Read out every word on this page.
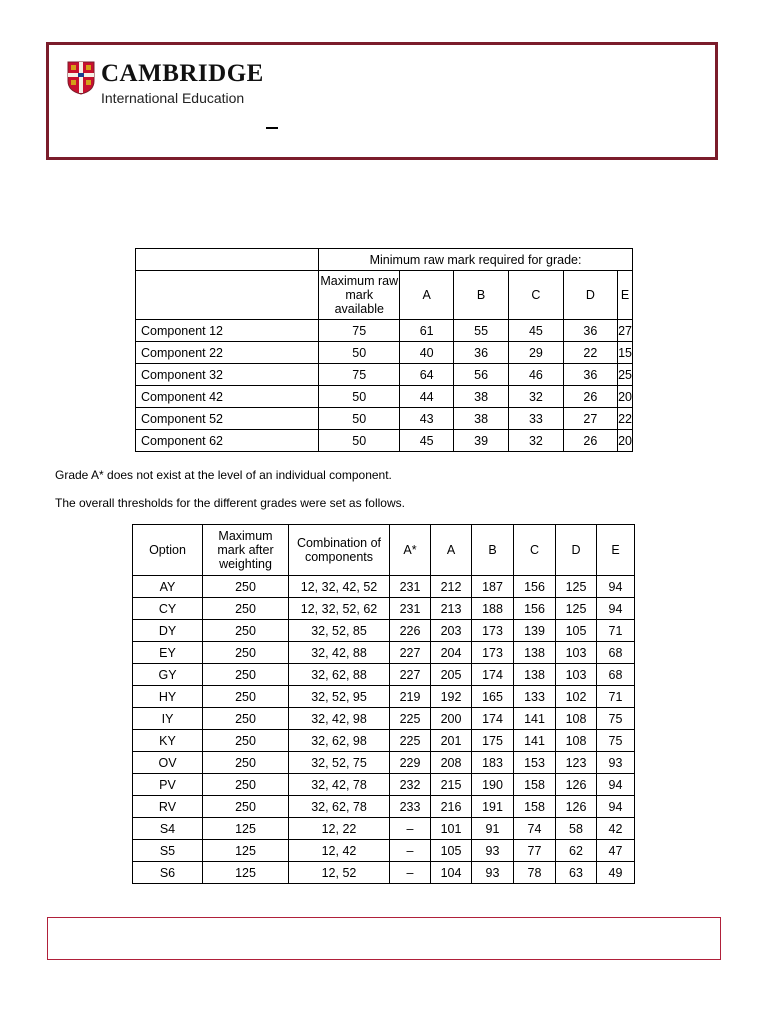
CAMBRIDGE
International Education
	Minimum raw mark required for grade:					
	Maximum raw mark available	A	B	C	D	E
Component 12	75	61	55	45	36	27
Component 22	50	40	36	29	22	15
Component 32	75	64	56	46	36	25
Component 42	50	44	38	32	26	20
Component 52	50	43	38	33	27	22
Component 62	50	45	39	32	26	20
Grade A* does not exist at the level of an individual component.
The overall thresholds for the different grades were set as follows.
Option	Maximum mark after weighting	Combination of components	A*	A	B	C	D	E
AY	250	12, 32, 42, 52	231	212	187	156	125	94
CY	250	12, 32, 52, 62	231	213	188	156	125	94
DY	250	32, 52, 85	226	203	173	139	105	71
EY	250	32, 42, 88	227	204	173	138	103	68
GY	250	32, 62, 88	227	205	174	138	103	68
HY	250	32, 52, 95	219	192	165	133	102	71
IY	250	32, 42, 98	225	200	174	141	108	75
KY	250	32, 62, 98	225	201	175	141	108	75
OV	250	32, 52, 75	229	208	183	153	123	93
PV	250	32, 42, 78	232	215	190	158	126	94
RV	250	32, 62, 78	233	216	191	158	126	94
S4	125	12, 22	–	101	91	74	58	42
S5	125	12, 42	–	105	93	77	62	47
S6	125	12, 52	–	104	93	78	63	49
